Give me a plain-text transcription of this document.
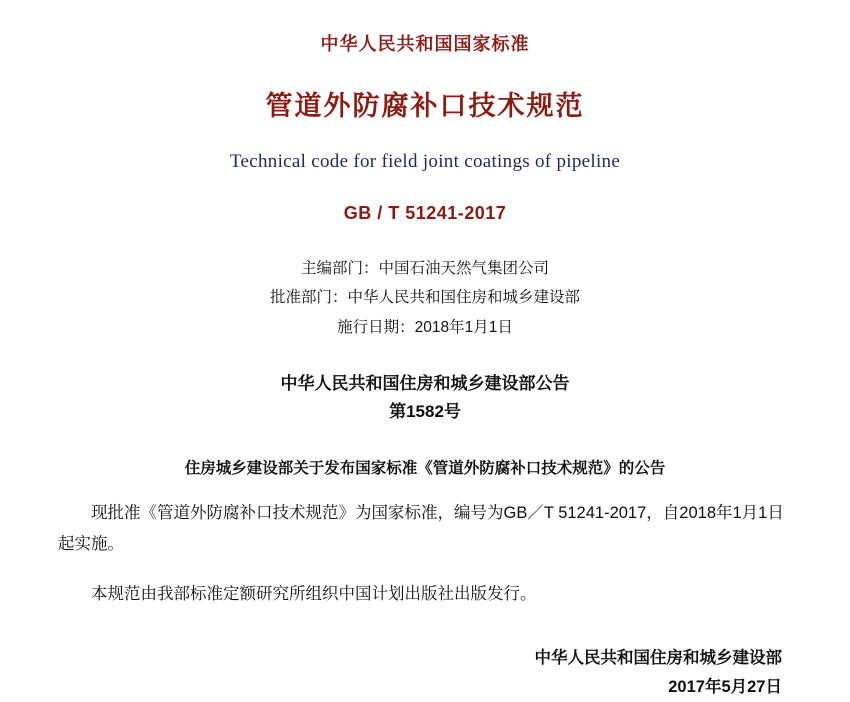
中华人民共和国国家标准
管道外防腐补口技术规范
Technical code for field joint coatings of pipeline
GB / T 51241-2017
主编部门：中国石油天然气集团公司
批准部门：中华人民共和国住房和城乡建设部
施行日期：2018年1月1日
中华人民共和国住房和城乡建设部公告
第1582号
住房城乡建设部关于发布国家标准《管道外防腐补口技术规范》的公告
现批准《管道外防腐补口技术规范》为国家标准，编号为GB／T 51241-2017，自2018年1月1日起实施。
本规范由我部标准定额研究所组织中国计划出版社出版发行。
中华人民共和国住房和城乡建设部
2017年5月27日
